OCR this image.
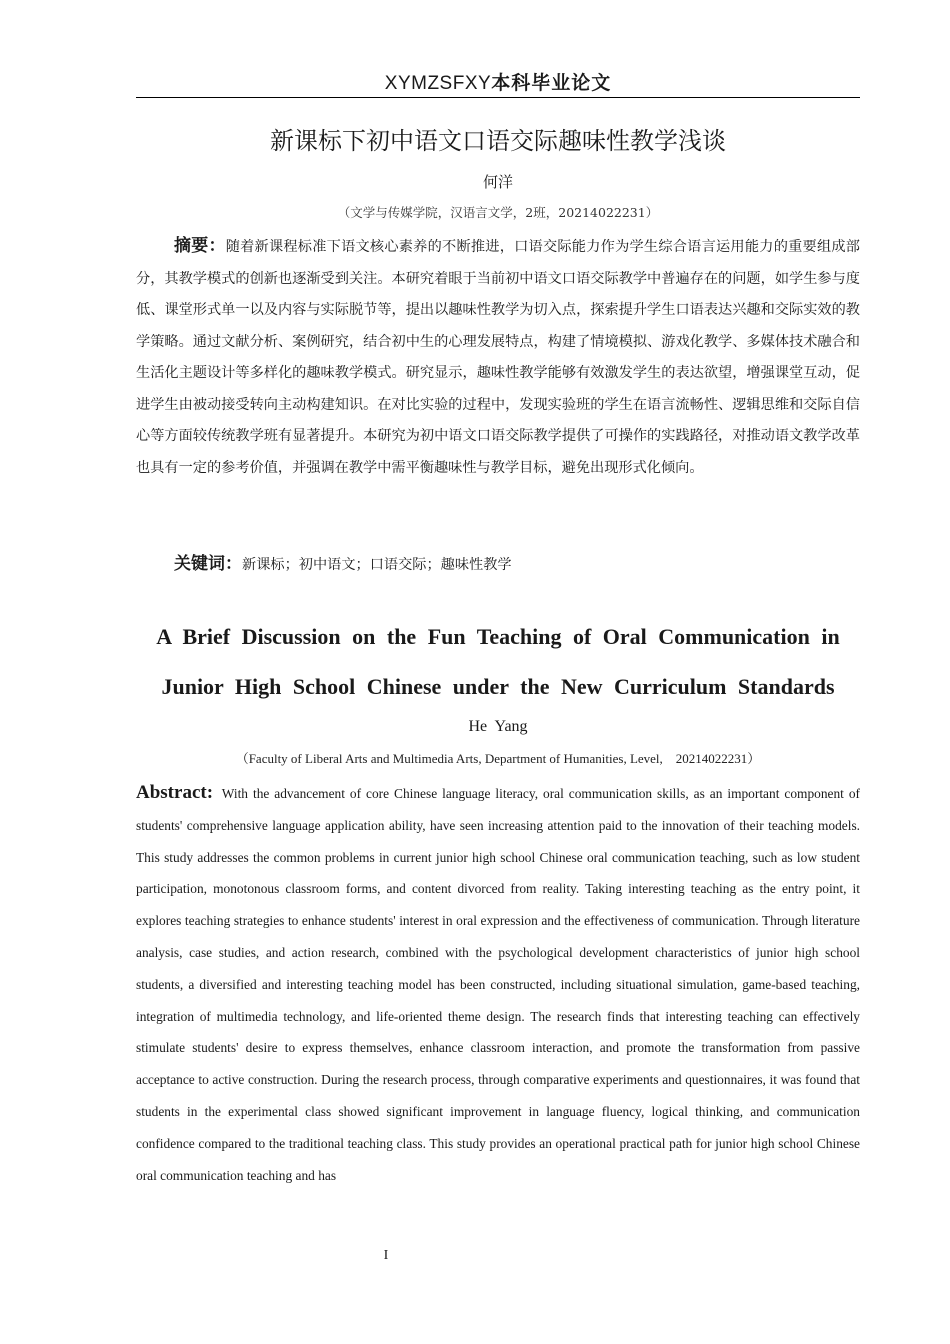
XYMZSFXY本科毕业论文
新课标下初中语文口语交际趣味性教学浅谈
何洋
（文学与传媒学院，汉语言文学，2班，20214022231）

摘要：随着新课程标准下语文核心素养的不断推进，口语交际能力作为学生综合语言运用能力的重要组成部分，其教学模式的创新也逐渐受到关注。本研究着眼于当前初中语文口语交际教学中普遍存在的问题，如学生参与度低、课堂形式单一以及内容与实际脱节等，提出以趣味性教学为切入点，探索提升学生口语表达兴趣和交际实效的教学策略。通过文献分析、案例研究，结合初中生的心理发展特点，构建了情境模拟、游戏化教学、多媒体技术融合和生活化主题设计等多样化的趣味教学模式。研究显示，趣味性教学能够有效激发学生的表达欲望，增强课堂互动，促进学生由被动接受转向主动构建知识。在对比实验的过程中，发现实验班的学生在语言流畅性、逻辑思维和交际自信心等方面较传统教学班有显著提升。本研究为初中语文口语交际教学提供了可操作的实践路径，对推动语文教学改革也具有一定的参考价值，并强调在教学中需平衡趣味性与教学目标，避免出现形式化倾向。

关键词：新课标；初中语文；口语交际；趣味性教学

A Brief Discussion on the Fun Teaching of Oral Communication in
Junior High School Chinese under the New Curriculum Standards
He Yang
（Faculty of Liberal Arts and Multimedia Arts, Department of Humanities, Level,　20214022231）

Abstract: With the advancement of core Chinese language literacy, oral communication skills, as an important component of students' comprehensive language application ability, have seen increasing attention paid to the innovation of their teaching models. This study addresses the common problems in current junior high school Chinese oral communication teaching, such as low student participation, monotonous classroom forms, and content divorced from reality. Taking interesting teaching as the entry point, it explores teaching strategies to enhance students' interest in oral expression and the effectiveness of communication. Through literature analysis, case studies, and action research, combined with the psychological development characteristics of junior high school students, a diversified and interesting teaching model has been constructed, including situational simulation, game-based teaching, integration of multimedia technology, and life-oriented theme design. The research finds that interesting teaching can effectively stimulate students' desire to express themselves, enhance classroom interaction, and promote the transformation from passive acceptance to active construction. During the research process, through comparative experiments and questionnaires, it was found that students in the experimental class showed significant improvement in language fluency, logical thinking, and communication confidence compared to the traditional teaching class. This study provides an operational practical path for junior high school Chinese oral communication teaching and has

I
